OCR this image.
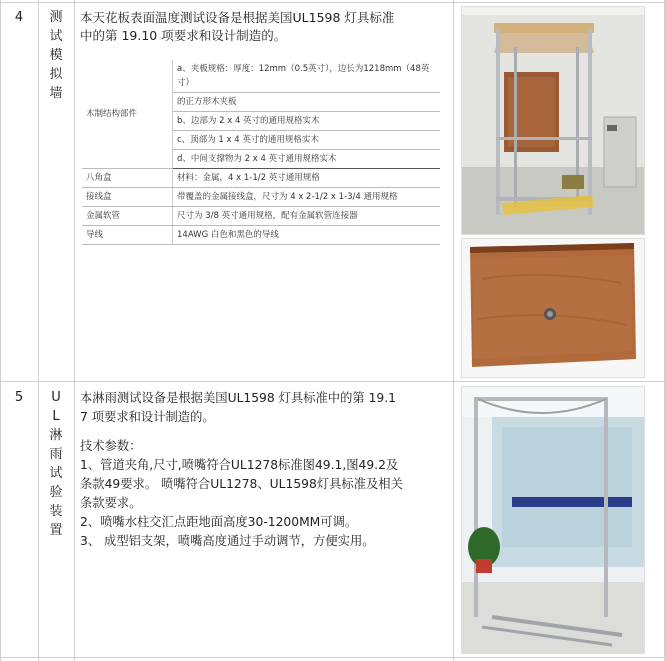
4	测
试
模
拟
墙
本天花板表面温度测试设备是根据美国UL1598 灯具标准
中的第 19.10 项要求和设计制造的。
木制结构部件	a、夹板规格：厚度：12mm（0.5英寸），边长为1218mm（48英寸）
	的正方形木夹板
	b、边部为 2 x 4 英寸的通用规格实木
	c、顶部为 1 x 4 英寸的通用规格实木
	d、中间支撑物为 2 x 4 英寸通用规格实木
八角盒	材料：金属，4 x 1-1/2 英寸通用规格
接线盒	带覆盖的金属接线盒，尺寸为 4 x 2-1/2 x 1-3/4 通用规格
金属软管	尺寸为 3/8 英寸通用规格，配有金属软管连接器
导线	14AWG 白色和黑色的导线
5	U
L
淋
雨
试
验
装
置
本淋雨测试设备是根据美国UL1598 灯具标准中的第 19.1
7 项要求和设计制造的。
技术参数：
1、管道夹角,尺寸,喷嘴符合UL1278标准图49.1,图49.2及
条款49要求。 喷嘴符合UL1278、UL1598灯具标准及相关
条款要求。
2、喷嘴水柱交汇点距地面高度30-1200MM可调。
3、 成型铝支架，喷嘴高度通过手动调节，方便实用。
